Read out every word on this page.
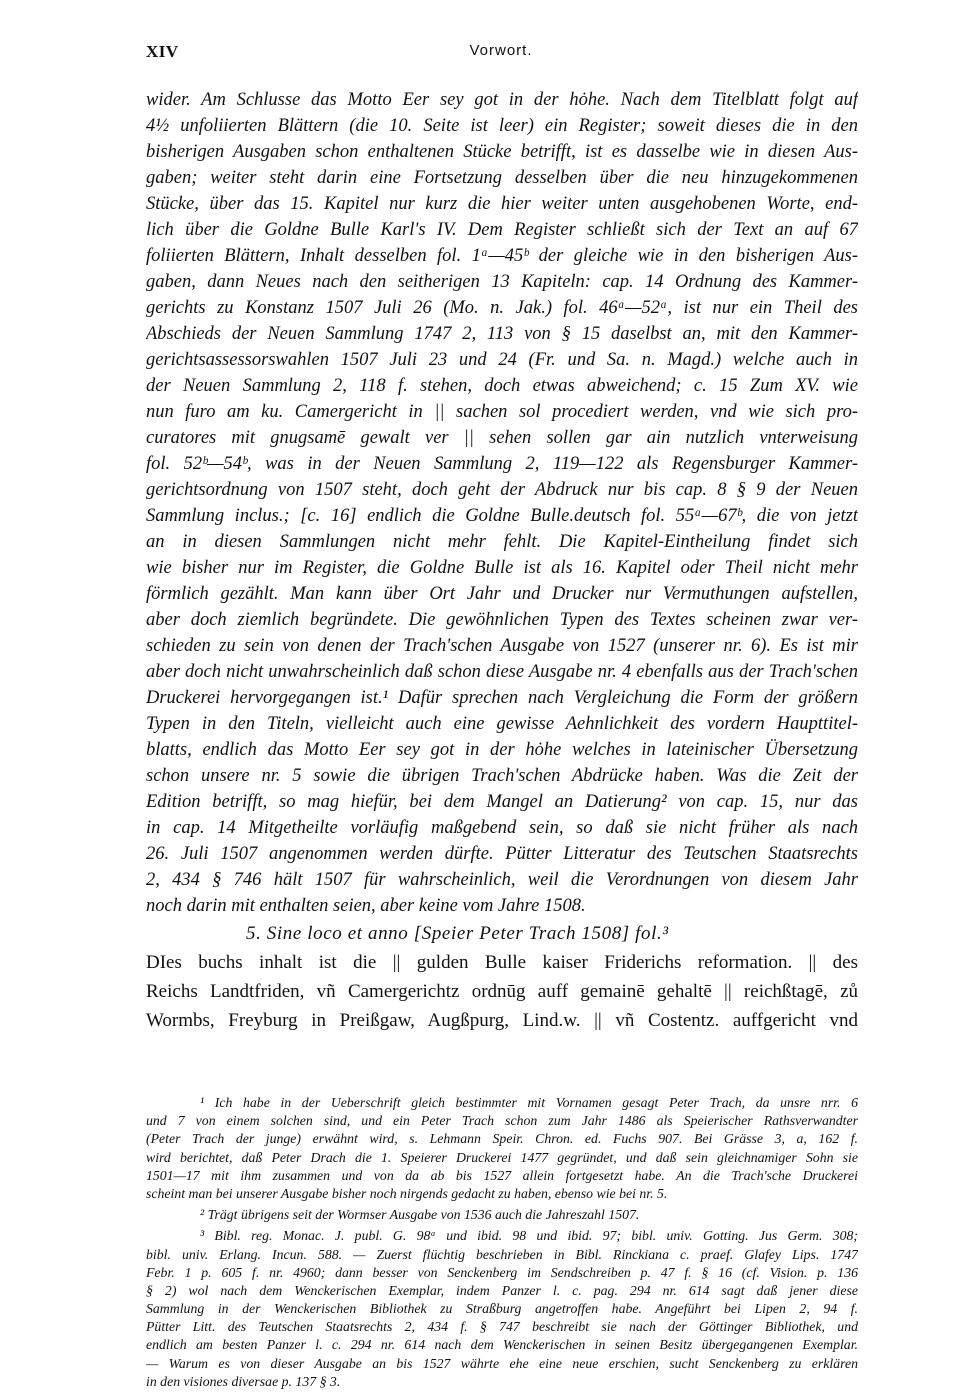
XIV	Vorwort.
wider. Am Schlusse das Motto Eer sey got in der hȯhe. Nach dem Titelblatt folgt auf
4½ unfoliierten Blättern (die 10. Seite ist leer) ein Register; soweit dieses die in den
bisherigen Ausgaben schon enthaltenen Stücke betrifft, ist es dasselbe wie in diesen Aus-
gaben; weiter steht darin eine Fortsetzung desselben über die neu hinzugekommenen
Stücke, über das 15. Kapitel nur kurz die hier weiter unten ausgehobenen Worte, end-
lich über die Goldne Bulle Karl's IV. Dem Register schließt sich der Text an auf 67
foliierten Blättern, Inhalt desselben fol. 1ᵃ—45ᵇ der gleiche wie in den bisherigen Aus-
gaben, dann Neues nach den seitherigen 13 Kapiteln: cap. 14 Ordnung des Kammer-
gerichts zu Konstanz 1507 Juli 26 (Mo. n. Jak.) fol. 46ᵃ—52ᵃ, ist nur ein Theil des
Abschieds der Neuen Sammlung 1747 2, 113 von § 15 daselbst an, mit den Kammer-
gerichtsassessorswahlen 1507 Juli 23 und 24 (Fr. und Sa. n. Magd.) welche auch in
der Neuen Sammlung 2, 118 f. stehen, doch etwas abweichend; c. 15 Zum XV. wie
nun furo am ku. Camergericht in || sachen sol procediert werden, vnd wie sich pro-
curatores mit gnugsamē gewalt ver || sehen sollen gar ain nutzlich vnterweisung
fol. 52ᵇ—54ᵇ, was in der Neuen Sammlung 2, 119—122 als Regensburger Kammer-
gerichtsordnung von 1507 steht, doch geht der Abdruck nur bis cap. 8 § 9 der Neuen
Sammlung inclus.; [c. 16] endlich die Goldne Bulle.deutsch fol. 55ᵃ—67ᵇ, die von jetzt
an in diesen Sammlungen nicht mehr fehlt. Die Kapitel-Eintheilung findet sich
wie bisher nur im Register, die Goldne Bulle ist als 16. Kapitel oder Theil nicht mehr
förmlich gezählt. Man kann über Ort Jahr und Drucker nur Vermuthungen aufstellen,
aber doch ziemlich begründete. Die gewöhnlichen Typen des Textes scheinen zwar ver-
schieden zu sein von denen der Trach'schen Ausgabe von 1527 (unserer nr. 6). Es ist mir
aber doch nicht unwahrscheinlich daß schon diese Ausgabe nr. 4 ebenfalls aus der Trach'schen
Druckerei hervorgegangen ist.¹ Dafür sprechen nach Vergleichung die Form der größern
Typen in den Titeln, vielleicht auch eine gewisse Aehnlichkeit des vordern Haupttitel-
blatts, endlich das Motto Eer sey got in der hȯhe welches in lateinischer Übersetzung
schon unsere nr. 5 sowie die übrigen Trach'schen Abdrücke haben. Was die Zeit der
Edition betrifft, so mag hiefür, bei dem Mangel an Datierung² von cap. 15, nur das
in cap. 14 Mitgetheilte vorläufig maßgebend sein, so daß sie nicht früher als nach
26. Juli 1507 angenommen werden dürfte. Pütter Litteratur des Teutschen Staatsrechts
2, 434 § 746 hält 1507 für wahrscheinlich, weil die Verordnungen von diesem Jahr
noch darin mit enthalten seien, aber keine vom Jahre 1508.
5. Sine loco et anno [Speier Peter Trach 1508] fol.³
DIes buchs inhalt ist die || gulden Bulle kaiser Friderichs reformation. || des
Reichs Landtfriden, vñ Camergerichtz ordnūg auff gemainē gehaltē || reichßtagē, zů
Wormbs, Freyburg in Preißgaw, Augßpurg, Lind.w. || vñ Costentz. auffgericht vnd
¹ Ich habe in der Ueberschrift gleich bestimmter mit Vornamen gesagt Peter Trach, da unsre nrr. 6
und 7 von einem solchen sind, und ein Peter Trach schon zum Jahr 1486 als Speierischer Rathsverwandter
(Peter Trach der junge) erwähnt wird, s. Lehmann Speir. Chron. ed. Fuchs 907. Bei Grässe 3, a, 162 f.
wird berichtet, daß Peter Drach die 1. Speierer Druckerei 1477 gegründet, und daß sein gleichnamiger Sohn sie
1501—17 mit ihm zusammen und von da ab bis 1527 allein fortgesetzt habe. An die Trach'sche Druckerei
scheint man bei unserer Ausgabe bisher noch nirgends gedacht zu haben, ebenso wie bei nr. 5.
² Trägt übrigens seit der Wormser Ausgabe von 1536 auch die Jahreszahl 1507.
³ Bibl. reg. Monac. J. publ. G. 98ᵃ und ibid. 98 und ibid. 97; bibl. univ. Gotting. Jus Germ. 308;
bibl. univ. Erlang. Incun. 588. — Zuerst flüchtig beschrieben in Bibl. Rinckiana c. praef. Glafey Lips. 1747
Febr. 1 p. 605 f. nr. 4960; dann besser von Senckenberg im Sendschreiben p. 47 f. § 16 (cf. Vision. p. 136
§ 2) wol nach dem Wenckerischen Exemplar, indem Panzer l. c. pag. 294 nr. 614 sagt daß jener diese
Sammlung in der Wenckerischen Bibliothek zu Straßburg angetroffen habe. Angeführt bei Lipen 2, 94 f.
Pütter Litt. des Teutschen Staatsrechts 2, 434 f. § 747 beschreibt sie nach der Göttinger Bibliothek, und
endlich am besten Panzer l. c. 294 nr. 614 nach dem Wenckerischen in seinen Besitz übergegangenen Exemplar.
— Warum es von dieser Ausgabe an bis 1527 währte ehe eine neue erschien, sucht Senckenberg zu erklären
in den visiones diversae p. 137 § 3.
